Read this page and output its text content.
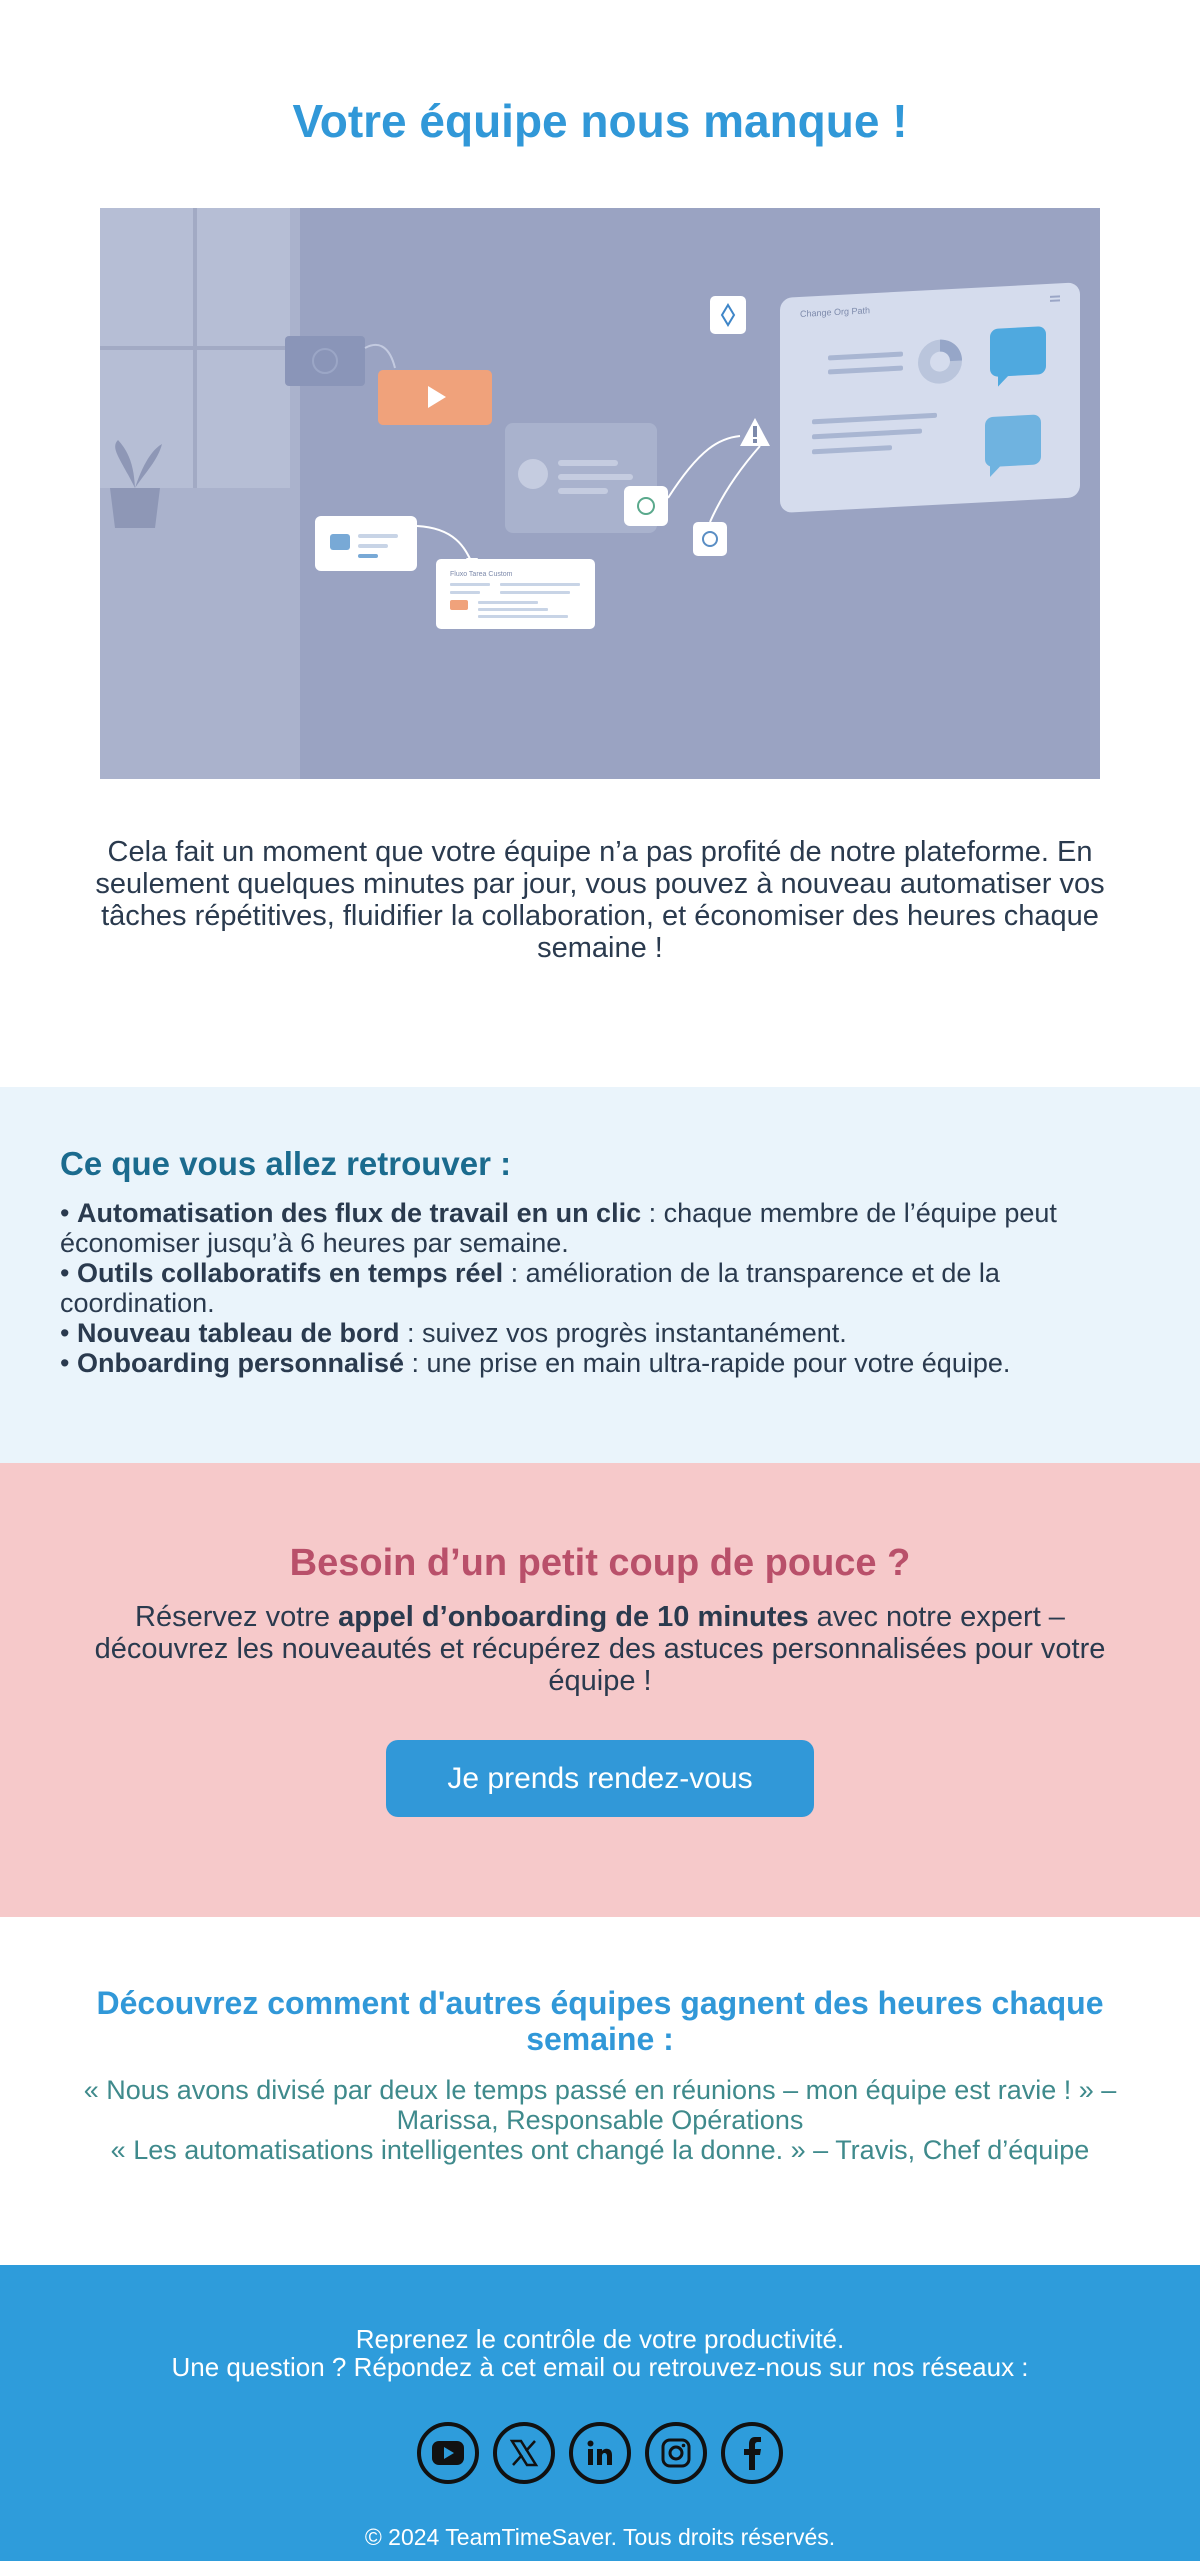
Votre équipe nous manque !
Fluxo Tarea Custom
Change Org Path

Cela fait un moment que votre équipe n’a pas profité de notre plateforme. En seulement quelques minutes par jour, vous pouvez à nouveau automatiser vos tâches répétitives, fluidifier la collaboration, et économiser des heures chaque semaine !

Ce que vous allez retrouver :
• Automatisation des flux de travail en un clic : chaque membre de l’équipe peut économiser jusqu’à 6 heures par semaine.
• Outils collaboratifs en temps réel : amélioration de la transparence et de la coordination.
• Nouveau tableau de bord : suivez vos progrès instantanément.
• Onboarding personnalisé : une prise en main ultra-rapide pour votre équipe.
Besoin d’un petit coup de pouce ?

Réservez votre appel d’onboarding de 10 minutes avec notre expert – découvrez les nouveautés et récupérez des astuces personnalisées pour votre équipe !

Je prends rendez-vous
Découvrez comment d'autres équipes gagnent des heures chaque semaine :

« Nous avons divisé par deux le temps passé en réunions – mon équipe est ravie ! » – Marissa, Responsable Opérations

« Les automatisations intelligentes ont changé la donne. » – Travis, Chef d’équipe

Reprenez le contrôle de votre productivité.

Une question ? Répondez à cet email ou retrouvez-nous sur nos réseaux :

© 2024 TeamTimeSaver. Tous droits réservés.
